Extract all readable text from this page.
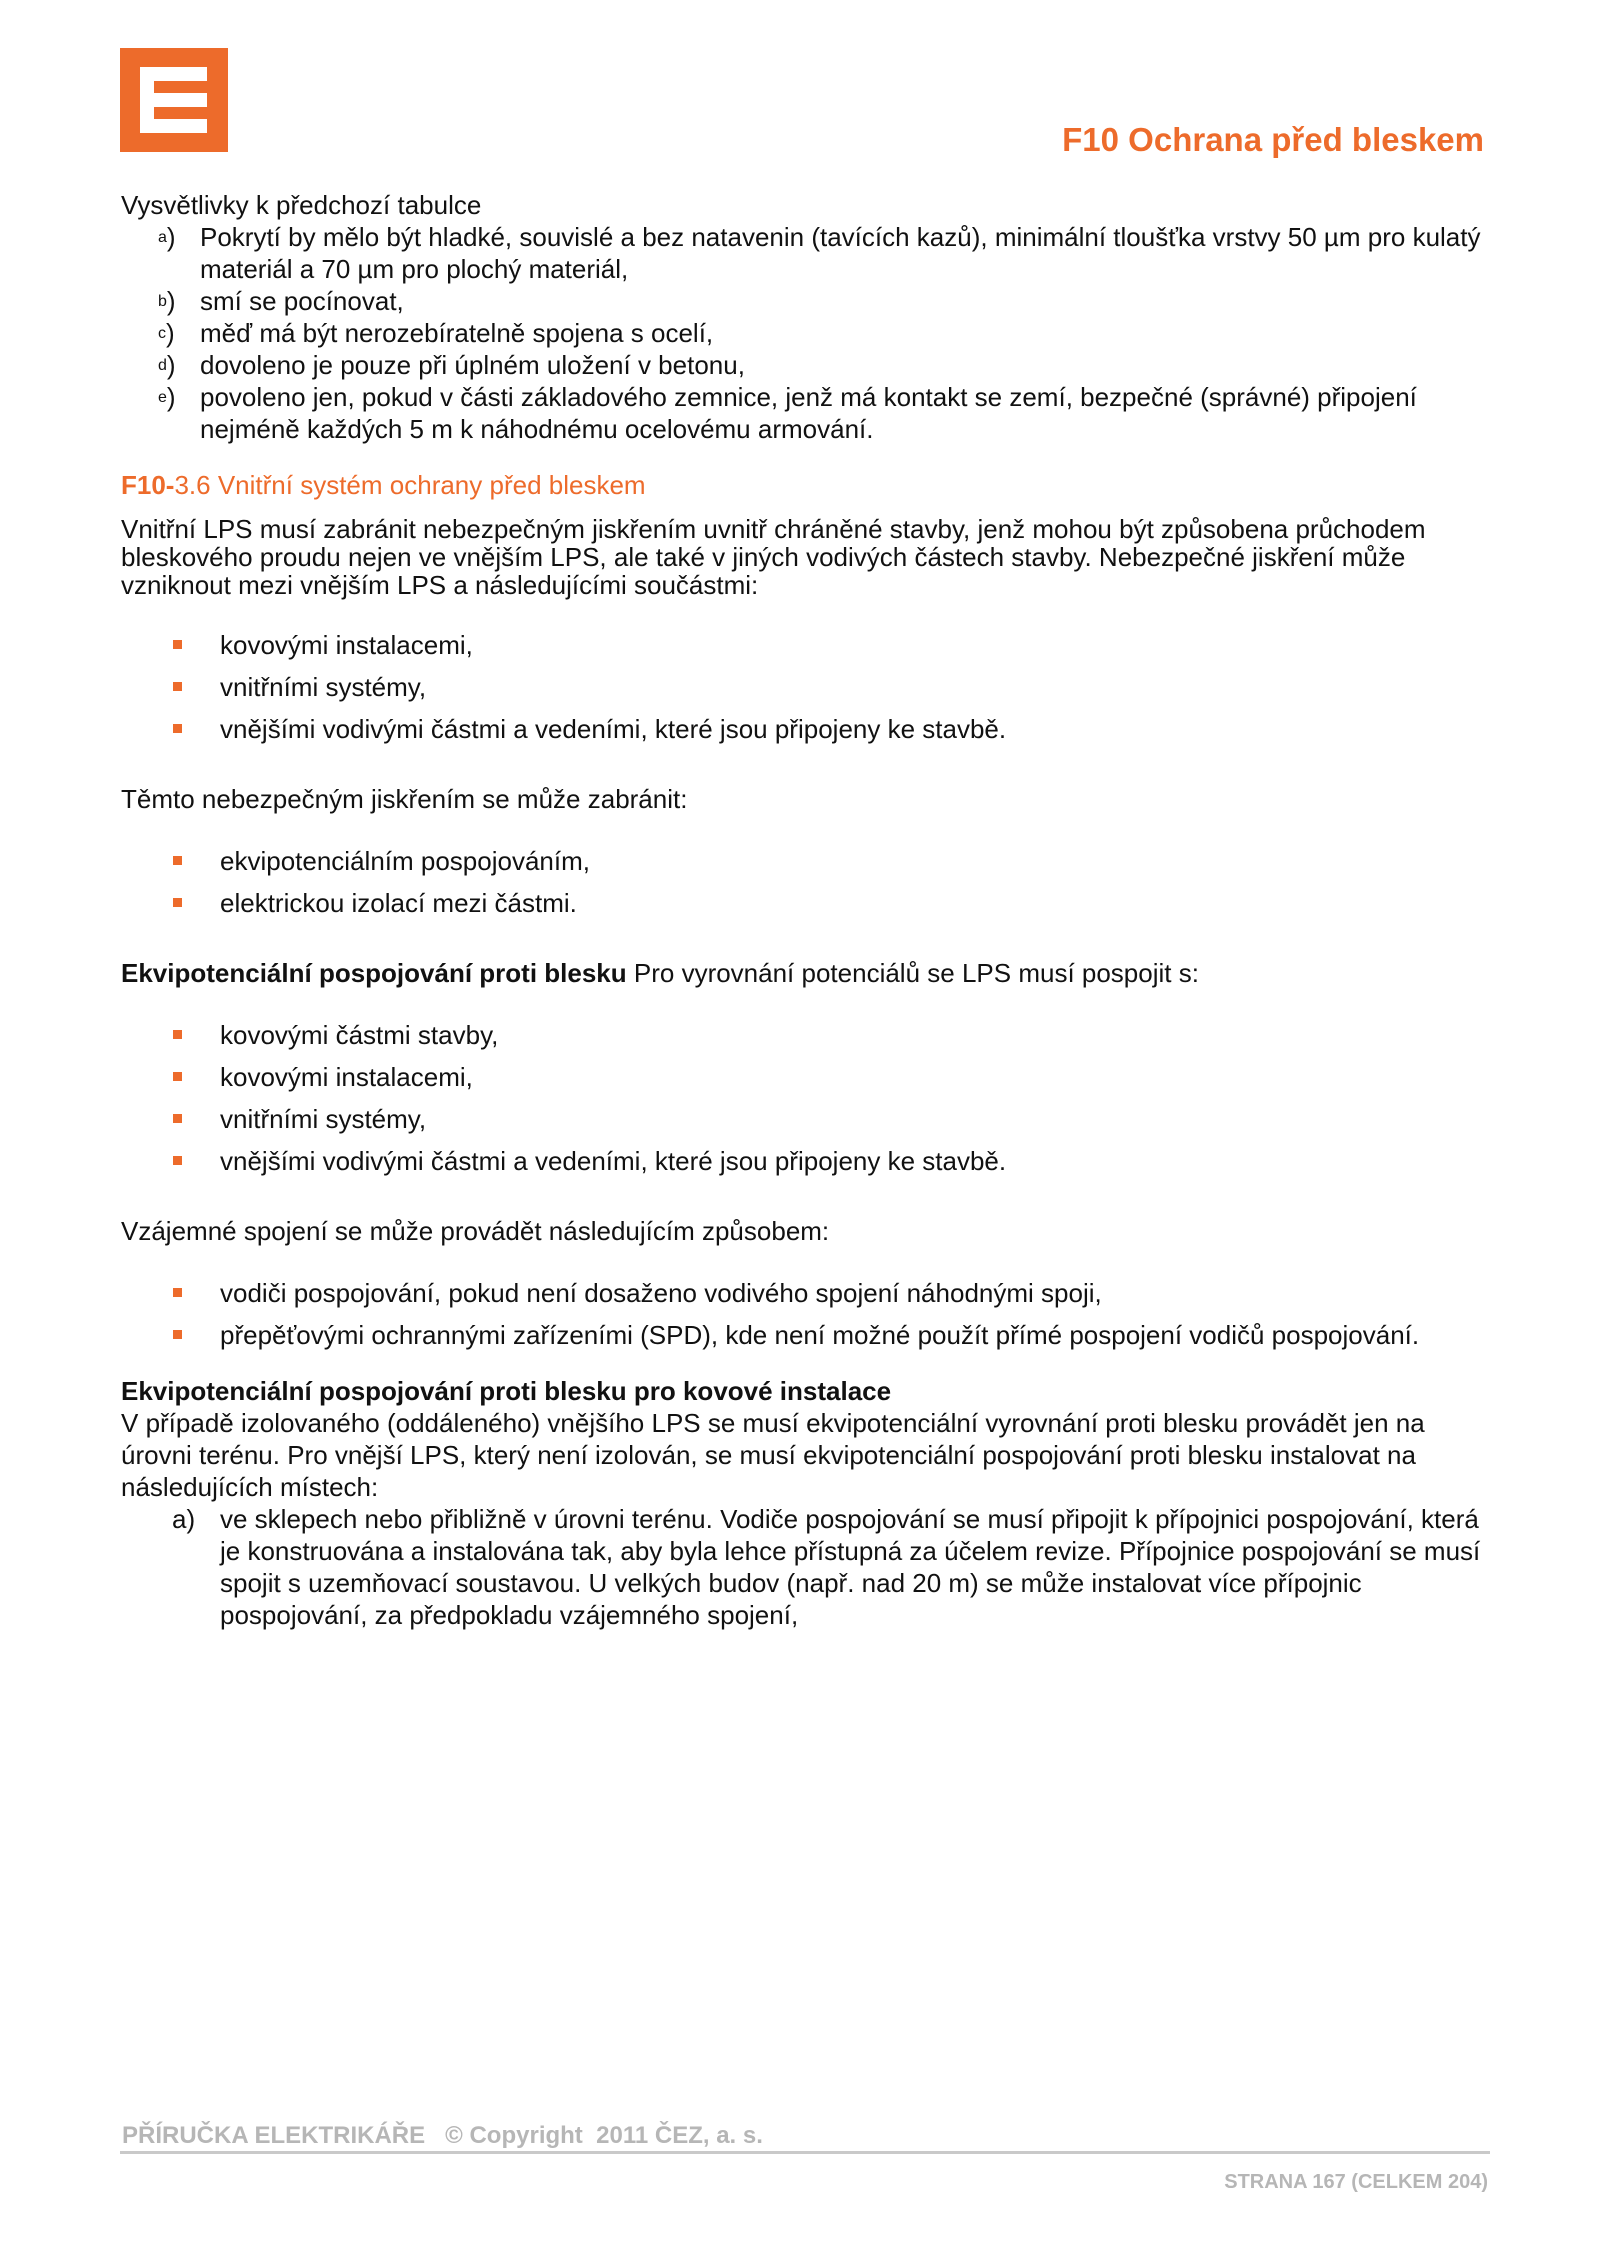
F10 Ochrana před bleskem

Vysvětlivky k předchozí tabulce

$^a$) Pokrytí by mělo být hladké, souvislé a bez natavenin (tavících kazů), minimální tloušťka vrstvy 50 µm pro kulatý materiál a 70 µm pro plochý materiál,
$^b$) smí se pocínovat,
$^c$) měď má být nerozebíratelně spojena s ocelí,
$^d$) dovoleno je pouze při úplném uložení v betonu,
$^e$) povoleno jen, pokud v části základového zemnice, jenž má kontakt se zemí, bezpečné (správné) připojení nejméně každých 5 m k náhodnému ocelovému armování.

F10-3.6 Vnitřní systém ochrany před bleskem

Vnitřní LPS musí zabránit nebezpečným jiskřením uvnitř chráněné stavby, jenž mohou být způsobena průchodem bleskového proudu nejen ve vnějším LPS, ale také v jiných vodivých částech stavby. Nebezpečné jiskření může vzniknout mezi vnějším LPS a následujícími součástmi:

kovovými instalacemi,
vnitřními systémy,
vnějšími vodivými částmi a vedeními, které jsou připojeny ke stavbě.

Těmto nebezpečným jiskřením se může zabránit:

ekvipotenciálním pospojováním,
elektrickou izolací mezi částmi.

Ekvipotenciální pospojování proti blesku Pro vyrovnání potenciálů se LPS musí pospojit s:

kovovými částmi stavby,
kovovými instalacemi,
vnitřními systémy,
vnějšími vodivými částmi a vedeními, které jsou připojeny ke stavbě.

Vzájemné spojení se může provádět následujícím způsobem:

vodiči pospojování, pokud není dosaženo vodivého spojení náhodnými spoji,
přepěťovými ochrannými zařízeními (SPD), kde není možné použít přímé pospojení vodičů pospojování.

Ekvipotenciální pospojování proti blesku pro kovové instalace

V případě izolovaného (oddáleného) vnějšího LPS se musí ekvipotenciální vyrovnání proti blesku provádět jen na úrovni terénu. Pro vnější LPS, který není izolován, se musí ekvipotenciální pospojování proti blesku instalovat na následujících místech:

a) ve sklepech nebo přibližně v úrovni terénu. Vodiče pospojování se musí připojit k přípojnici pospojování, která je konstruována a instalována tak, aby byla lehce přístupná za účelem revize. Přípojnice pospojování se musí spojit s uzemňovací soustavou. U velkých budov (např. nad 20 m) se může instalovat více přípojnic pospojování, za předpokladu vzájemného spojení,
PŘÍRUČKA ELEKTRIKÁŘE   © Copyright  2011 ČEZ, a. s.
STRANA 167 (CELKEM 204)
